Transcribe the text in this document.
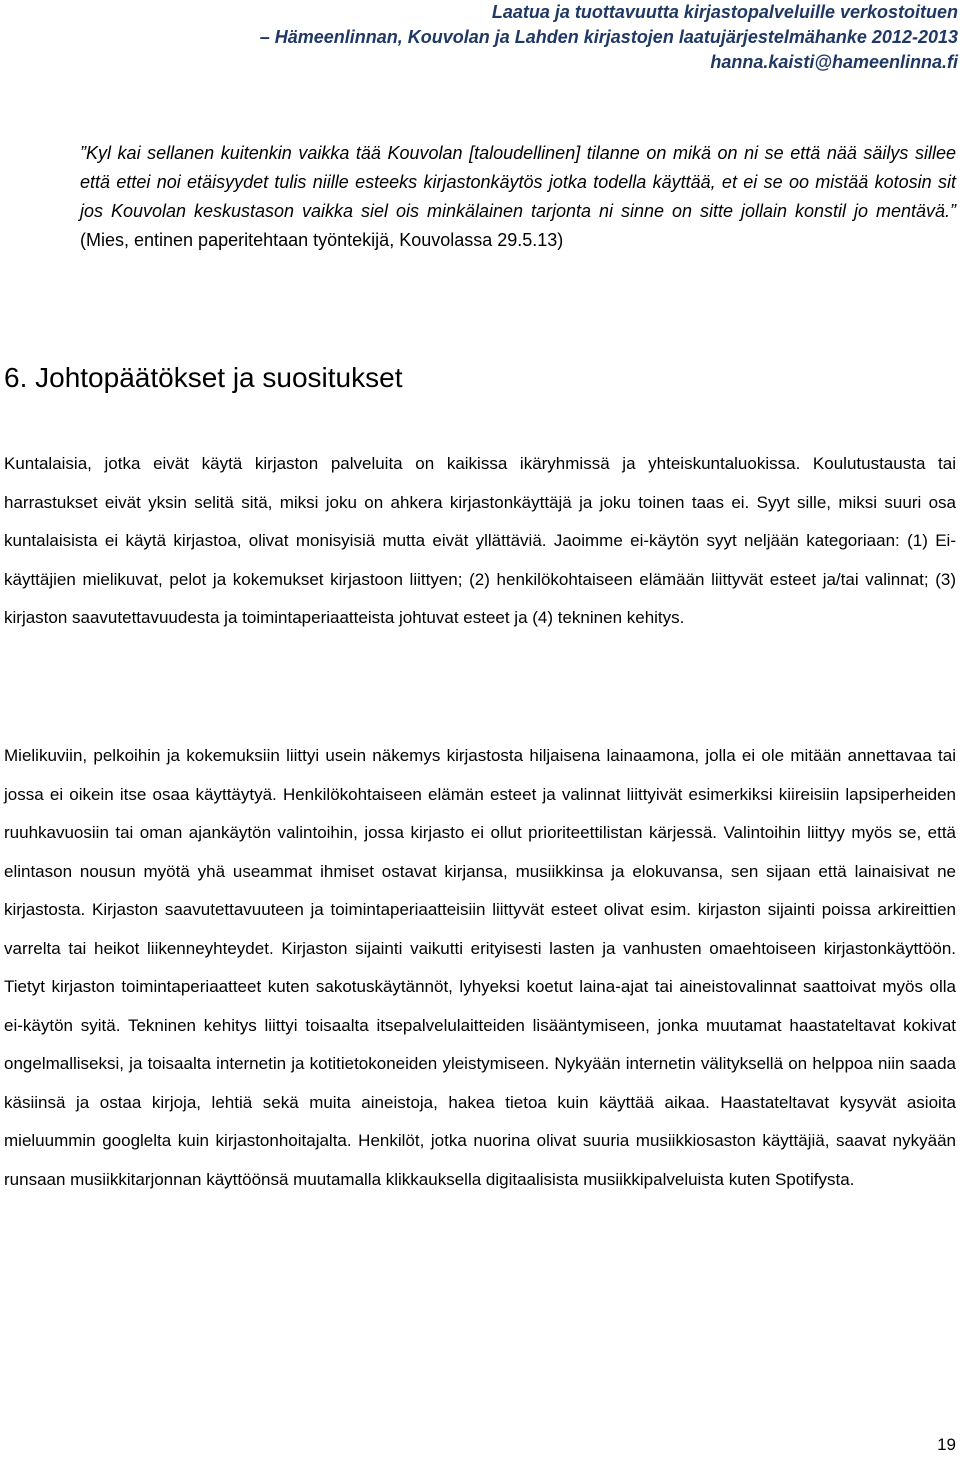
Laatua ja tuottavuutta kirjastopalveluille verkostoituen
– Hämeenlinnan, Kouvolan ja Lahden kirjastojen laatujärjestelmähanke 2012-2013
hanna.kaisti@hameenlinna.fi
”Kyl kai sellanen kuitenkin vaikka tää Kouvolan [taloudellinen] tilanne on mikä on ni se että nää säilys sillee että ettei noi etäisyydet tulis niille esteeks kirjastonkäytös jotka todella käyttää, et ei se oo mistää kotosin sit jos Kouvolan keskustason vaikka siel ois minkälainen tarjonta ni sinne on sitte jollain konstil jo mentävä.” (Mies, entinen paperitehtaan työntekijä, Kouvolassa 29.5.13)
6. Johtopäätökset ja suositukset

Kuntalaisia, jotka eivät käytä kirjaston palveluita on kaikissa ikäryhmissä ja yhteiskuntaluokissa. Koulutustausta tai harrastukset eivät yksin selitä sitä, miksi joku on ahkera kirjastonkäyttäjä ja joku toinen taas ei. Syyt sille, miksi suuri osa kuntalaisista ei käytä kirjastoa, olivat monisyisiä mutta eivät yllättäviä. Jaoimme ei-käytön syyt neljään kategoriaan: (1) Ei-käyttäjien mielikuvat, pelot ja kokemukset kirjastoon liittyen; (2) henkilökohtaiseen elämään liittyvät esteet ja/tai valinnat; (3) kirjaston saavutettavuudesta ja toimintaperiaatteista johtuvat esteet ja (4) tekninen kehitys.

Mielikuviin, pelkoihin ja kokemuksiin liittyi usein näkemys kirjastosta hiljaisena lainaamona, jolla ei ole mitään annettavaa tai jossa ei oikein itse osaa käyttäytyä. Henkilökohtaiseen elämän esteet ja valinnat liittyivät esimerkiksi kiireisiin lapsiperheiden ruuhkavuosiin tai oman ajankäytön valintoihin, jossa kirjasto ei ollut prioriteettilistan kärjessä. Valintoihin liittyy myös se, että elintason nousun myötä yhä useammat ihmiset ostavat kirjansa, musiikkinsa ja elokuvansa, sen sijaan että lainaisivat ne kirjastosta. Kirjaston saavutettavuuteen ja toimintaperiaatteisiin liittyvät esteet olivat esim. kirjaston sijainti poissa arkireittien varrelta tai heikot liikenneyhteydet. Kirjaston sijainti vaikutti erityisesti lasten ja vanhusten omaehtoiseen kirjastonkäyttöön. Tietyt kirjaston toimintaperiaatteet kuten sakotuskäytännöt, lyhyeksi koetut laina-ajat tai aineistovalinnat saattoivat myös olla ei-käytön syitä. Tekninen kehitys liittyi toisaalta itsepalvelulaitteiden lisääntymiseen, jonka muutamat haastateltavat kokivat ongelmalliseksi, ja toisaalta internetin ja kotitietokoneiden yleistymiseen. Nykyään internetin välityksellä on helppoa niin saada käsiinsä ja ostaa kirjoja, lehtiä sekä muita aineistoja, hakea tietoa kuin käyttää aikaa. Haastateltavat kysyvät asioita mieluummin googlelta kuin kirjastonhoitajalta. Henkilöt, jotka nuorina olivat suuria musiikkiosaston käyttäjiä, saavat nykyään runsaan musiikkitarjonnan käyttöönsä muutamalla klikkauksella digitaalisista musiikkipalveluista kuten Spotifysta.

19
